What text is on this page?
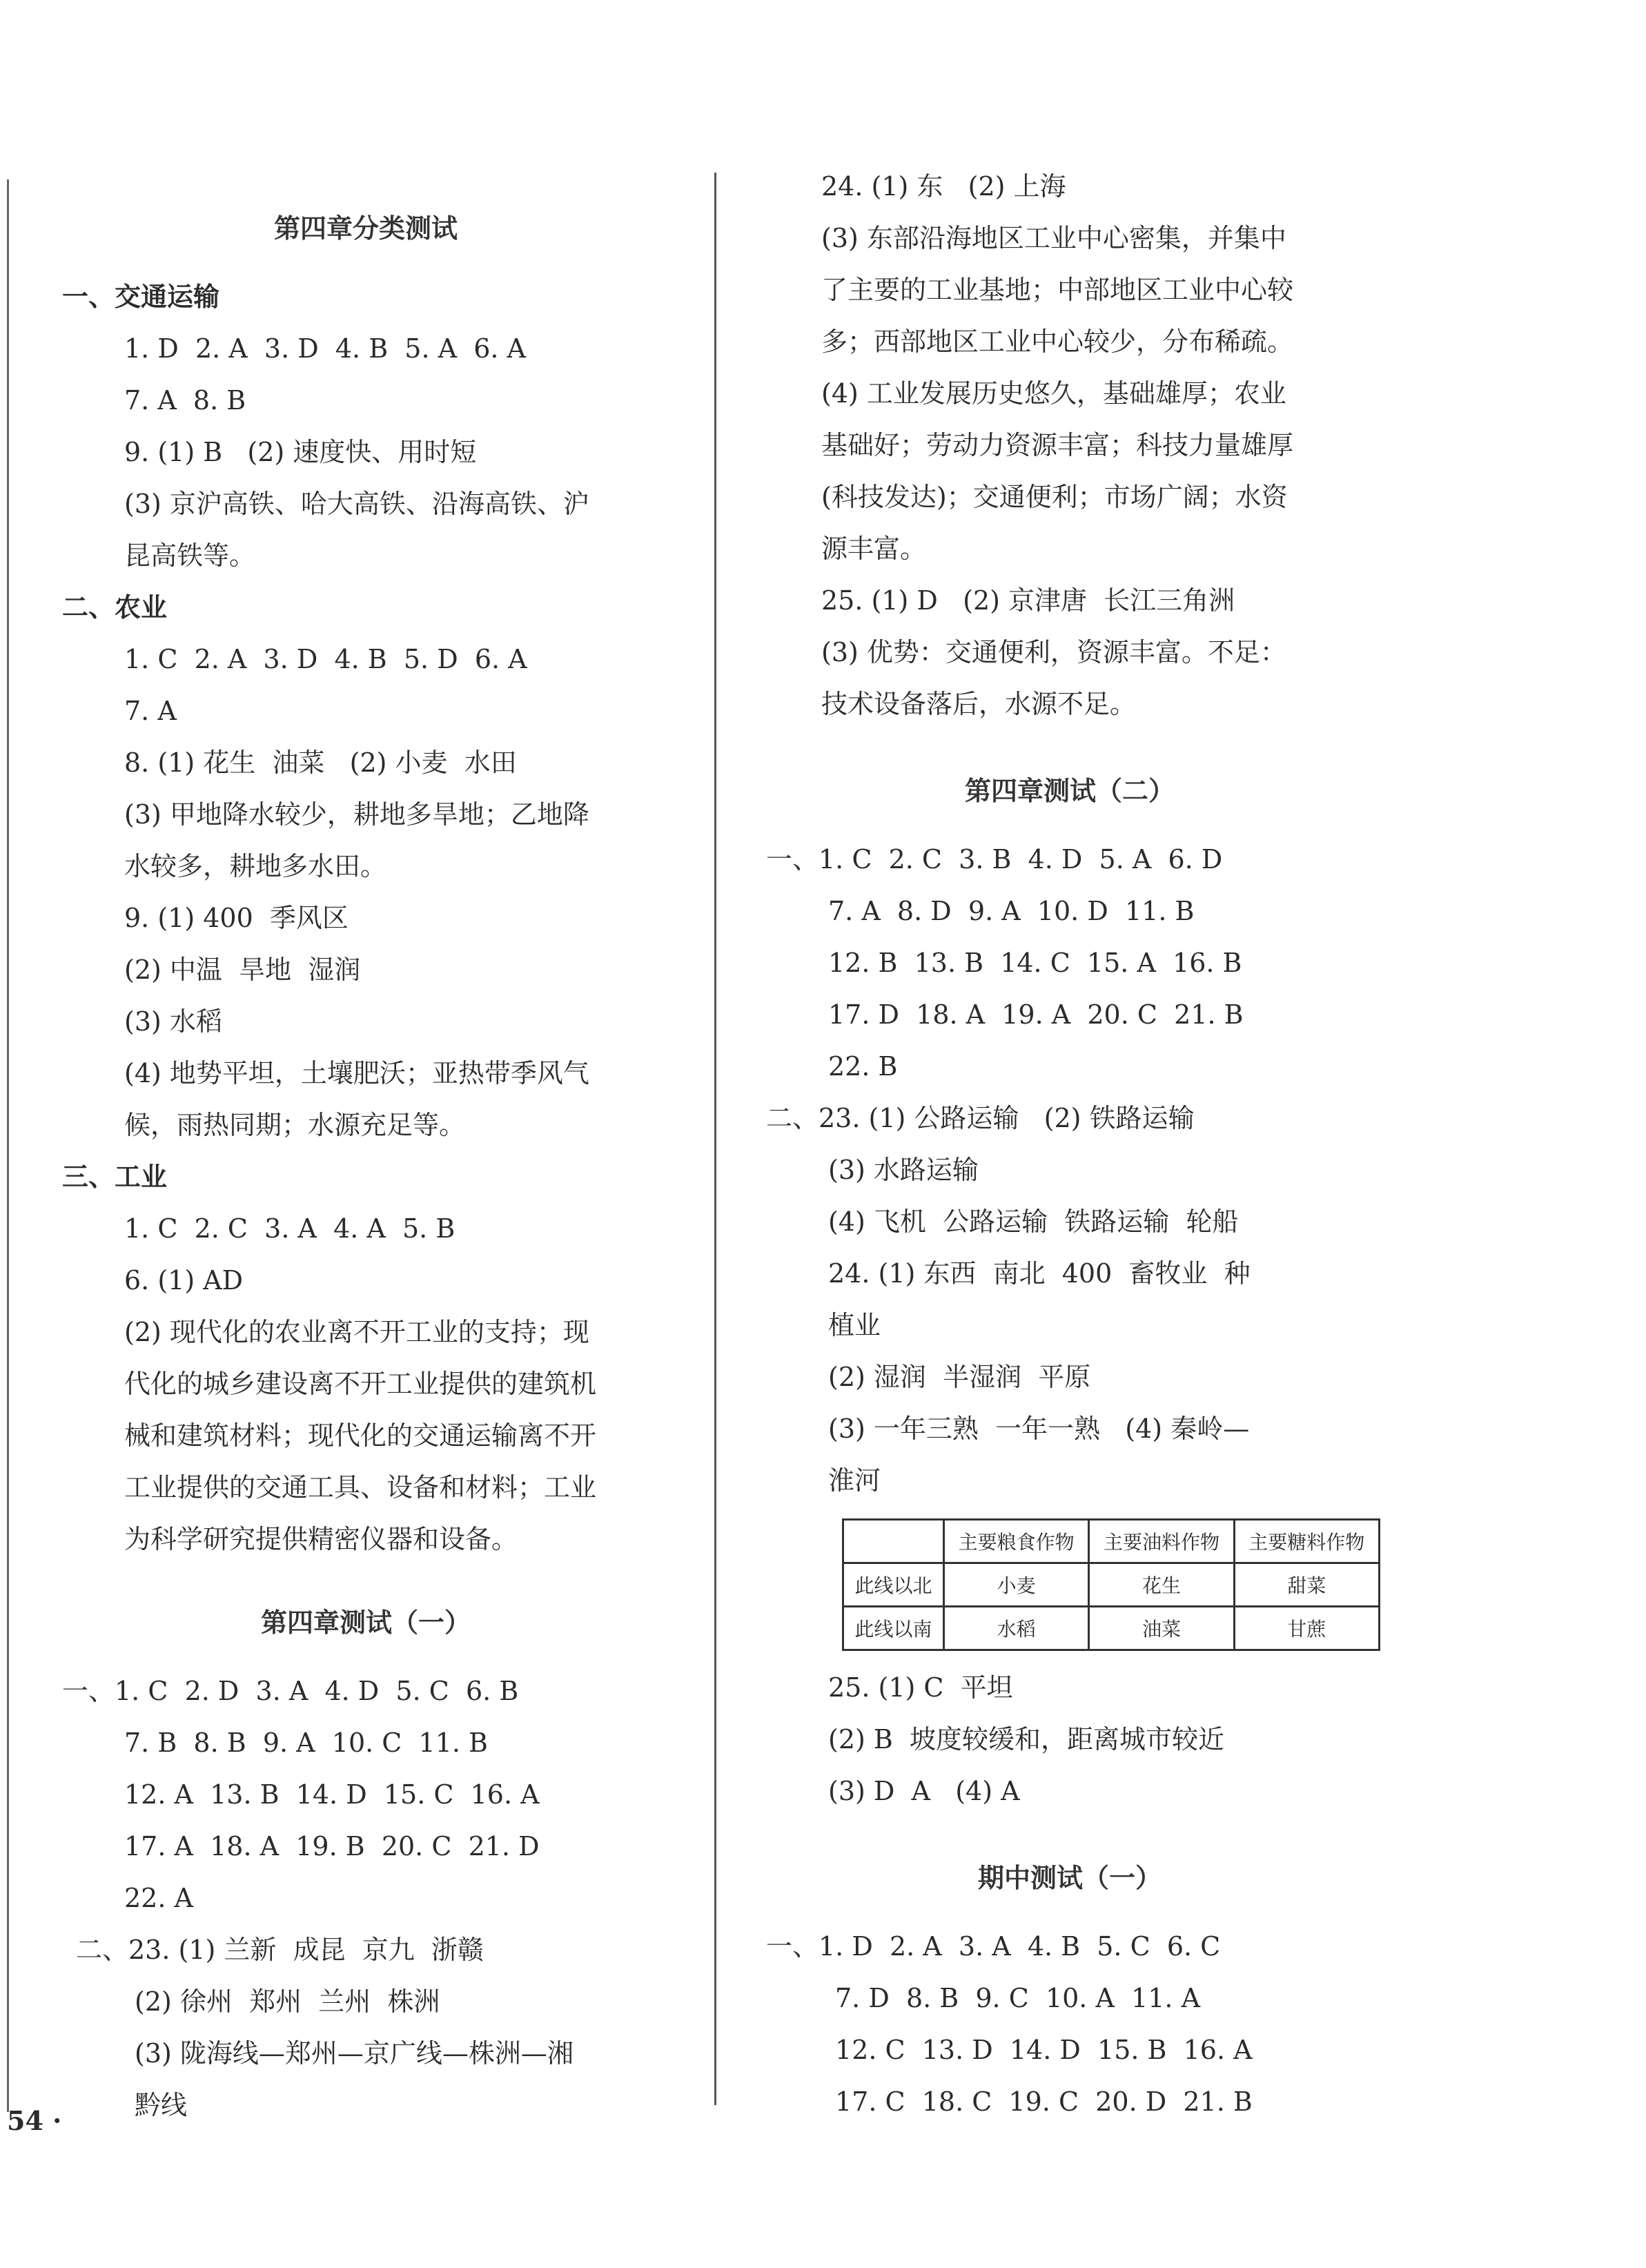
第四章分类测试
一、交通运输
1. D  2. A  3. D  4. B  5. A  6. A
7. A  8. B
9. (1) B   (2) 速度快、用时短
(3) 京沪高铁、哈大高铁、沿海高铁、沪
昆高铁等。
二、农业
1. C  2. A  3. D  4. B  5. D  6. A
7. A
8. (1) 花生  油菜   (2) 小麦  水田
(3) 甲地降水较少，耕地多旱地；乙地降
水较多，耕地多水田。
9. (1) 400  季风区
(2) 中温  旱地  湿润
(3) 水稻
(4) 地势平坦，土壤肥沃；亚热带季风气
候，雨热同期；水源充足等。
三、工业
1. C  2. C  3. A  4. A  5. B
6. (1) AD
(2) 现代化的农业离不开工业的支持；现
代化的城乡建设离不开工业提供的建筑机
械和建筑材料；现代化的交通运输离不开
工业提供的交通工具、设备和材料；工业
为科学研究提供精密仪器和设备。
第四章测试（一）
一、1. C  2. D  3. A  4. D  5. C  6. B
7. B  8. B  9. A  10. C  11. B
12. A  13. B  14. D  15. C  16. A
17. A  18. A  19. B  20. C  21. D
22. A
二、23. (1) 兰新  成昆  京九  浙赣
(2) 徐州  郑州  兰州  株洲
(3) 陇海线—郑州—京广线—株洲—湘
黔线
24. (1) 东   (2) 上海
(3) 东部沿海地区工业中心密集，并集中
了主要的工业基地；中部地区工业中心较
多；西部地区工业中心较少，分布稀疏。
(4) 工业发展历史悠久，基础雄厚；农业
基础好；劳动力资源丰富；科技力量雄厚
(科技发达)；交通便利；市场广阔；水资
源丰富。
25. (1) D   (2) 京津唐  长江三角洲
(3) 优势：交通便利，资源丰富。不足：
技术设备落后，水源不足。
第四章测试（二）
一、1. C  2. C  3. B  4. D  5. A  6. D
7. A  8. D  9. A  10. D  11. B
12. B  13. B  14. C  15. A  16. B
17. D  18. A  19. A  20. C  21. B
22. B
二、23. (1) 公路运输   (2) 铁路运输
(3) 水路运输
(4) 飞机  公路运输  铁路运输  轮船
24. (1) 东西  南北  400  畜牧业  种
植业
(2) 湿润  半湿润  平原
(3) 一年三熟  一年一熟   (4) 秦岭—
淮河
	主要粮食作物	主要油料作物	主要糖料作物
此线以北	小麦	花生	甜菜
此线以南	水稻	油菜	甘蔗
25. (1) C  平坦
(2) B  坡度较缓和，距离城市较近
(3) D  A   (4) A
期中测试（一）
一、1. D  2. A  3. A  4. B  5. C  6. C
7. D  8. B  9. C  10. A  11. A
12. C  13. D  14. D  15. B  16. A
17. C  18. C  19. C  20. D  21. B
54 ·
